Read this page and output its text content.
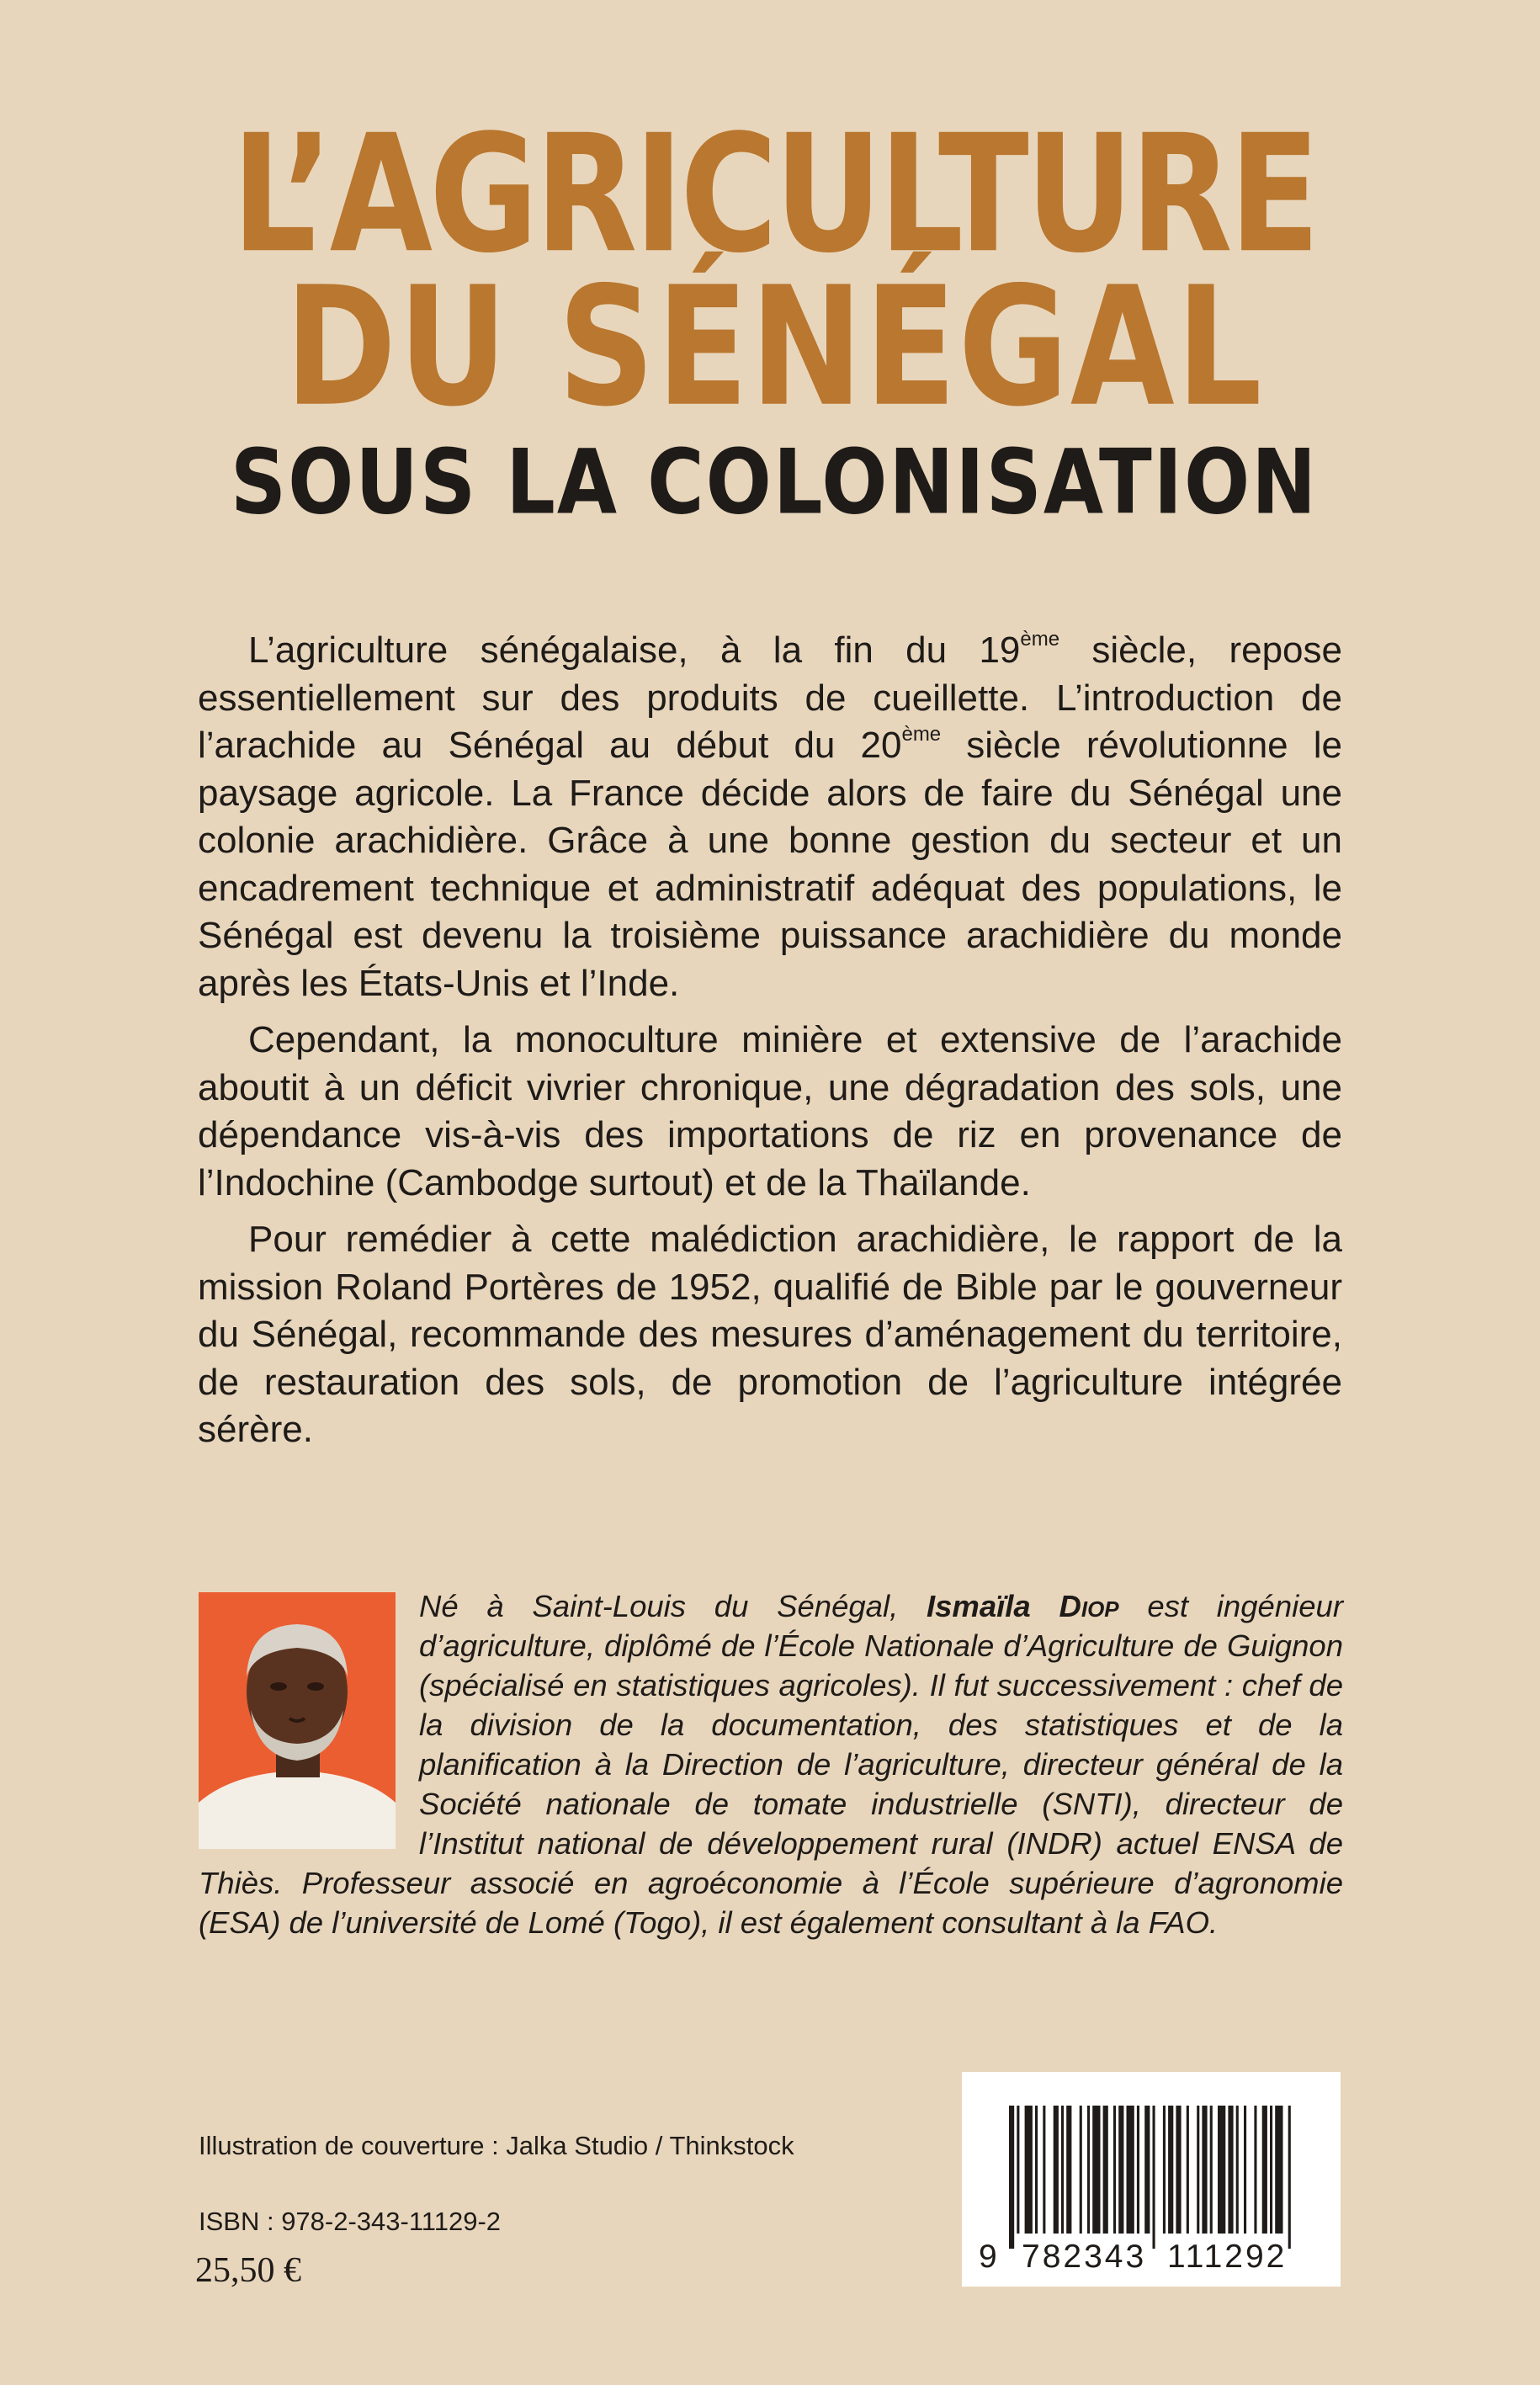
L’AGRICULTURE
DU SÉNÉGAL
SOUS LA COLONISATION

L’agriculture sénégalaise, à la fin du 19ème siècle, repose essentiellement sur des produits de cueillette. L’introduction de l’arachide au Sénégal au début du 20ème siècle révolutionne le paysage agricole. La France décide alors de faire du Sénégal une colonie arachidière. Grâce à une bonne gestion du secteur et un encadrement technique et administratif adéquat des populations, le Sénégal est devenu la troisième puissance arachidière du monde après les États-Unis et l’Inde.

Cependant, la monoculture minière et extensive de l’arachide aboutit à un déficit vivrier chronique, une dégradation des sols, une dépendance vis-à-vis des importations de riz en provenance de l’Indochine (Cambodge surtout) et de la Thaïlande.

Pour remédier à cette malédiction arachidière, le rapport de la mission Roland Portères de 1952, qualifié de Bible par le gouverneur du Sénégal, recommande des mesures d’aménagement du territoire, de restauration des sols, de promotion de l’agriculture intégrée sérère.

Né à Saint-Louis du Sénégal, Ismaïla Diop est ingénieur d’agriculture, diplômé de l’École Nationale d’Agriculture de Guignon (spécialisé en statistiques agricoles). Il fut successivement : chef de la division de la documentation, des statistiques et de la planification à la Direction de l’agriculture, directeur général de la Société nationale de tomate industrielle (SNTI), directeur de l’Institut national de développement rural (INDR) actuel ENSA de Thiès. Professeur associé en agroéconomie à l’École supérieure d’agronomie (ESA) de l’université de Lomé (Togo), il est également consultant à la FAO.
Illustration de couverture : Jalka Studio / Thinkstock
ISBN : 978-2-343-11129-2
25,50 €	9 782343 111292
